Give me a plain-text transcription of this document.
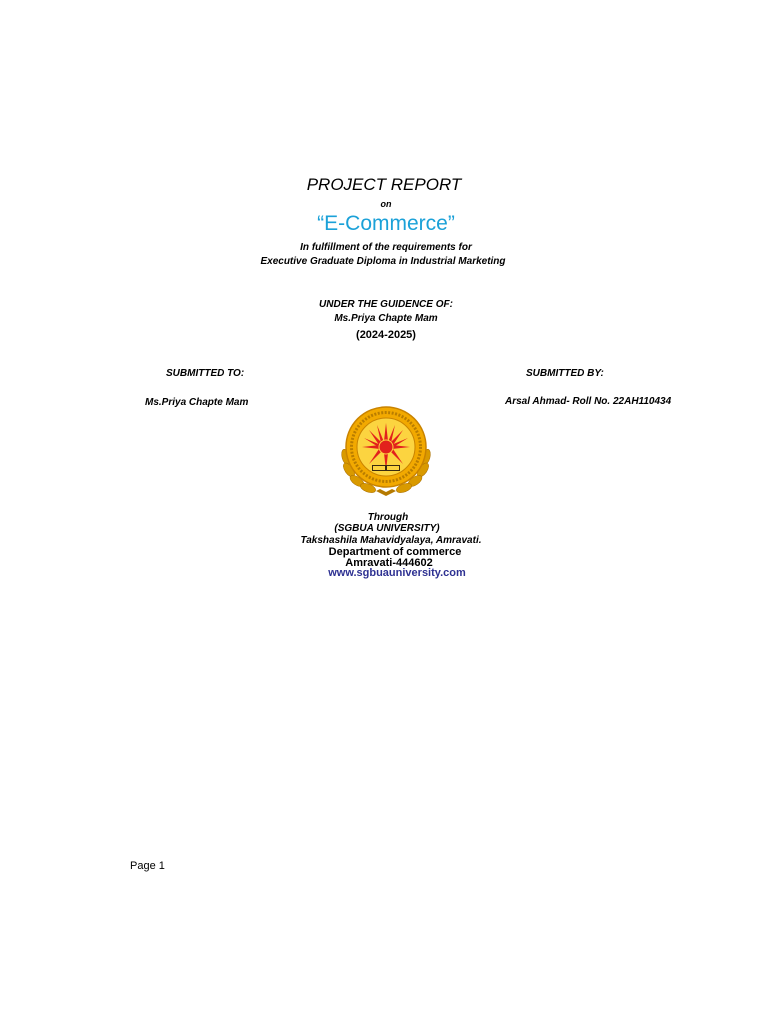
PROJECT REPORT
on
“E-Commerce”
In fulfillment of the requirements for
Executive Graduate Diploma in Industrial Marketing
UNDER THE GUIDENCE OF:
Ms.Priya Chapte Mam
(2024-2025)
SUBMITTED TO:	SUBMITTED BY:
Ms.Priya Chapte Mam	Arsal Ahmad- Roll No. 22AH110434
Through
(SGBUA UNIVERSITY)
Takshashila Mahavidyalaya, Amravati.
Department of commerce
Amravati-444602
www.sgbuauniversity.com
Page 1
